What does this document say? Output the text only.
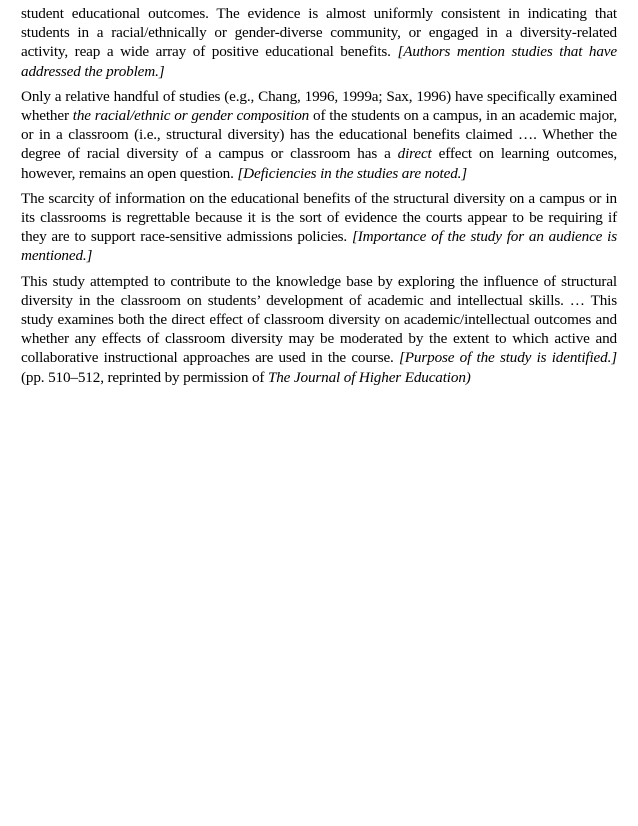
student educational outcomes. The evidence is almost uniformly consistent in indicating that students in a racial/ethnically or gender-diverse community, or engaged in a diversity-related activity, reap a wide array of positive educational benefits. [Authors mention studies that have addressed the problem.]

Only a relative handful of studies (e.g., Chang, 1996, 1999a; Sax, 1996) have specifically examined whether the racial/ethnic or gender composition of the students on a campus, in an academic major, or in a classroom (i.e., structural diversity) has the educational benefits claimed …. Whether the degree of racial diversity of a campus or classroom has a direct effect on learning outcomes, however, remains an open question. [Deficiencies in the studies are noted.]

The scarcity of information on the educational benefits of the structural diversity on a campus or in its classrooms is regrettable because it is the sort of evidence the courts appear to be requiring if they are to support race-sensitive admissions policies. [Importance of the study for an audience is mentioned.]

This study attempted to contribute to the knowledge base by exploring the influence of structural diversity in the classroom on students’ development of academic and intellectual skills. … This study examines both the direct effect of classroom diversity on academic/intellectual outcomes and whether any effects of classroom diversity may be moderated by the extent to which active and collaborative instructional approaches are used in the course. [Purpose of the study is identified.] (pp. 510–512, reprinted by permission of The Journal of Higher Education)
